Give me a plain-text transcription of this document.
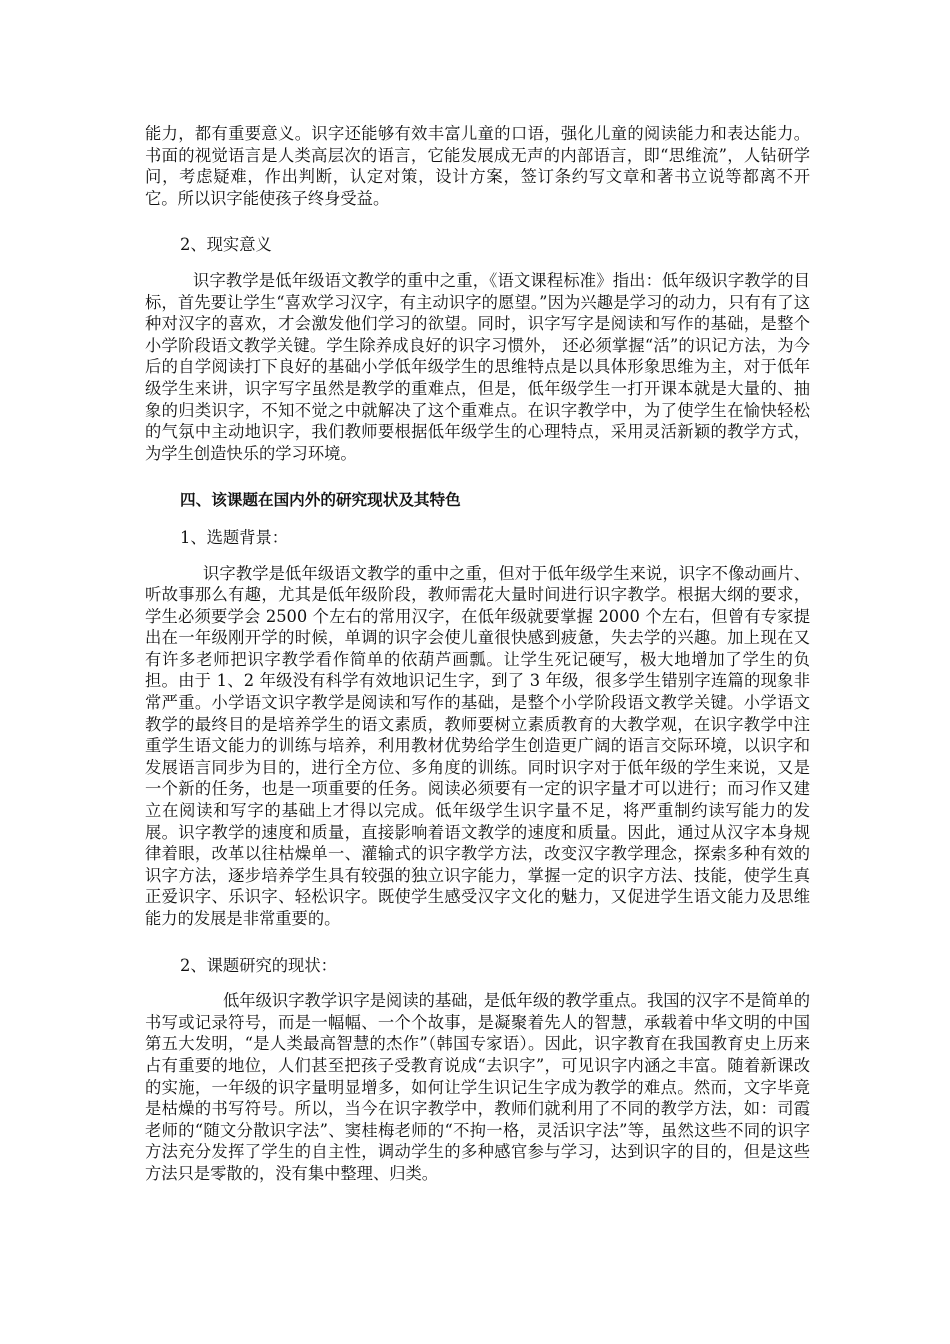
能力，都有重要意义。识字还能够有效丰富儿童的口语，强化儿童的阅读能力和表达能力。书面的视觉语言是人类高层次的语言，它能发展成无声的内部语言，即“思维流”，人钻研学问，考虑疑难，作出判断，认定对策，设计方案，签订条约写文章和著书立说等都离不开它。所以识字能使孩子终身受益。

2、现实意义

识字教学是低年级语文教学的重中之重，《语文课程标准》指出：低年级识字教学的目标，首先要让学生“喜欢学习汉字，有主动识字的愿望。”因为兴趣是学习的动力，只有有了这种对汉字的喜欢，才会激发他们学习的欲望。同时，识字写字是阅读和写作的基础，是整个小学阶段语文教学关键。学生除养成良好的识字习惯外， 还必须掌握“活”的识记方法，为今后的自学阅读打下良好的基础小学低年级学生的思维特点是以具体形象思维为主，对于低年级学生来讲，识字写字虽然是教学的重难点，但是，低年级学生一打开课本就是大量的、抽象的归类识字，不知不觉之中就解决了这个重难点。在识字教学中，为了使学生在愉快轻松的气氛中主动地识字，我们教师要根据低年级学生的心理特点，采用灵活新颖的教学方式，为学生创造快乐的学习环境。

四、该课题在国内外的研究现状及其特色

1、选题背景：

识字教学是低年级语文教学的重中之重，但对于低年级学生来说，识字不像动画片、听故事那么有趣，尤其是低年级阶段，教师需花大量时间进行识字教学。根据大纲的要求，学生必须要学会 2500 个左右的常用汉字，在低年级就要掌握 2000 个左右，但曾有专家提出在一年级刚开学的时候，单调的识字会使儿童很快感到疲惫，失去学的兴趣。加上现在又有许多老师把识字教学看作简单的依葫芦画瓢。让学生死记硬写，极大地增加了学生的负担。由于 1、2 年级没有科学有效地识记生字，到了 3 年级，很多学生错别字连篇的现象非常严重。小学语文识字教学是阅读和写作的基础，是整个小学阶段语文教学关键。小学语文教学的最终目的是培养学生的语文素质，教师要树立素质教育的大教学观，在识字教学中注重学生语文能力的训练与培养，利用教材优势给学生创造更广阔的语言交际环境，以识字和发展语言同步为目的，进行全方位、多角度的训练。同时识字对于低年级的学生来说，又是一个新的任务，也是一项重要的任务。阅读必须要有一定的识字量才可以进行；而习作又建立在阅读和写字的基础上才得以完成。低年级学生识字量不足，将严重制约读写能力的发展。识字教学的速度和质量，直接影响着语文教学的速度和质量。因此，通过从汉字本身规律着眼，改革以往枯燥单一、灌输式的识字教学方法，改变汉字教学理念，探索多种有效的识字方法，逐步培养学生具有较强的独立识字能力，掌握一定的识字方法、技能，使学生真正爱识字、乐识字、轻松识字。既使学生感受汉字文化的魅力，又促进学生语文能力及思维能力的发展是非常重要的。

2、课题研究的现状：

低年级识字教学识字是阅读的基础，是低年级的教学重点。我国的汉字不是简单的书写或记录符号，而是一幅幅、一个个故事，是凝聚着先人的智慧，承载着中华文明的中国第五大发明，“是人类最高智慧的杰作”（韩国专家语）。因此，识字教育在我国教育史上历来占有重要的地位，人们甚至把孩子受教育说成“去识字”，可见识字内涵之丰富。随着新课改的实施，一年级的识字量明显增多，如何让学生识记生字成为教学的难点。然而，文字毕竟是枯燥的书写符号。所以，当今在识字教学中，教师们就利用了不同的教学方法，如：司霞老师的“随文分散识字法”、窦桂梅老师的“不拘一格，灵活识字法”等，虽然这些不同的识字方法充分发挥了学生的自主性，调动学生的多种感官参与学习，达到识字的目的，但是这些方法只是零散的，没有集中整理、归类。
